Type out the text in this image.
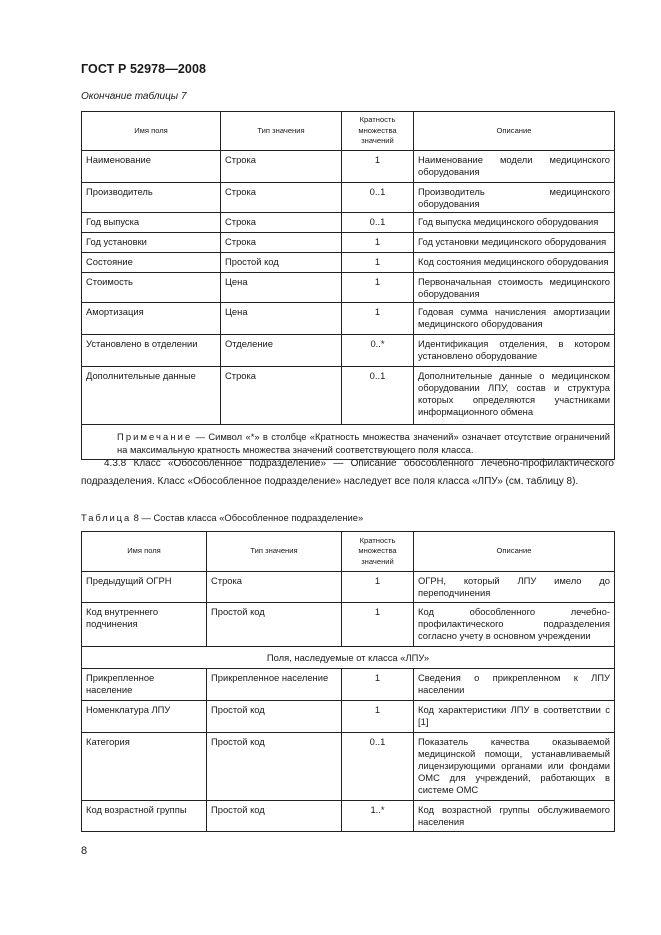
ГОСТ Р 52978—2008
Окончание таблицы 7
Имя поля	Тип значения	Кратность множества значений	Описание
Наименование	Строка	1	Наименование модели медицинского оборудования
Производитель	Строка	0..1	Производитель медицинского оборудования
Год выпуска	Строка	0..1	Год выпуска медицинского оборудования
Год установки	Строка	1	Год установки медицинского оборудования
Состояние	Простой код	1	Код состояния медицинского оборудования
Стоимость	Цена	1	Первоначальная стоимость медицинского оборудования
Амортизация	Цена	1	Годовая сумма начисления амортизации медицинского оборудования
Установлено в отделении	Отделение	0..*	Идентификация отделения, в котором установлено оборудование
Дополнительные данные	Строка	0..1	Дополнительные данные о медицинском оборудовании ЛПУ, состав и структура которых определяются участниками информационного обмена

Примечание — Символ «*» в столбце «Кратность множества значений» означает отсутствие ограничений на максимальную кратность множества значений соответствующего поля класса.			
4.3.8 Класс «Обособленное подразделение» — Описание обособленного лечебно-профилактического подразделения. Класс «Обособленное подразделение» наследует все поля класса «ЛПУ» (см. таблицу 8).
Таблица 8 — Состав класса «Обособленное подразделение»
Имя поля	Тип значения	Кратность множества значений	Описание
Предыдущий ОГРН	Строка	1	ОГРН, который ЛПУ имело до переподчинения
Код внутреннего подчинения	Простой код	1	Код обособленного лечебно-профилактического подразделения согласно учету в основном учреждении
Поля, наследуемые от класса «ЛПУ»			
Прикрепленное население	Прикрепленное население	1	Сведения о прикрепленном к ЛПУ населении
Номенклатура ЛПУ	Простой код	1	Код характеристики ЛПУ в соответствии с [1]
Категория	Простой код	0..1	Показатель качества оказываемой медицинской помощи, устанавливаемый лицензирующими органами или фондами ОМС для учреждений, работающих в системе ОМС
Код возрастной группы	Простой код	1..*	Код возрастной группы обслуживаемого населения
8
